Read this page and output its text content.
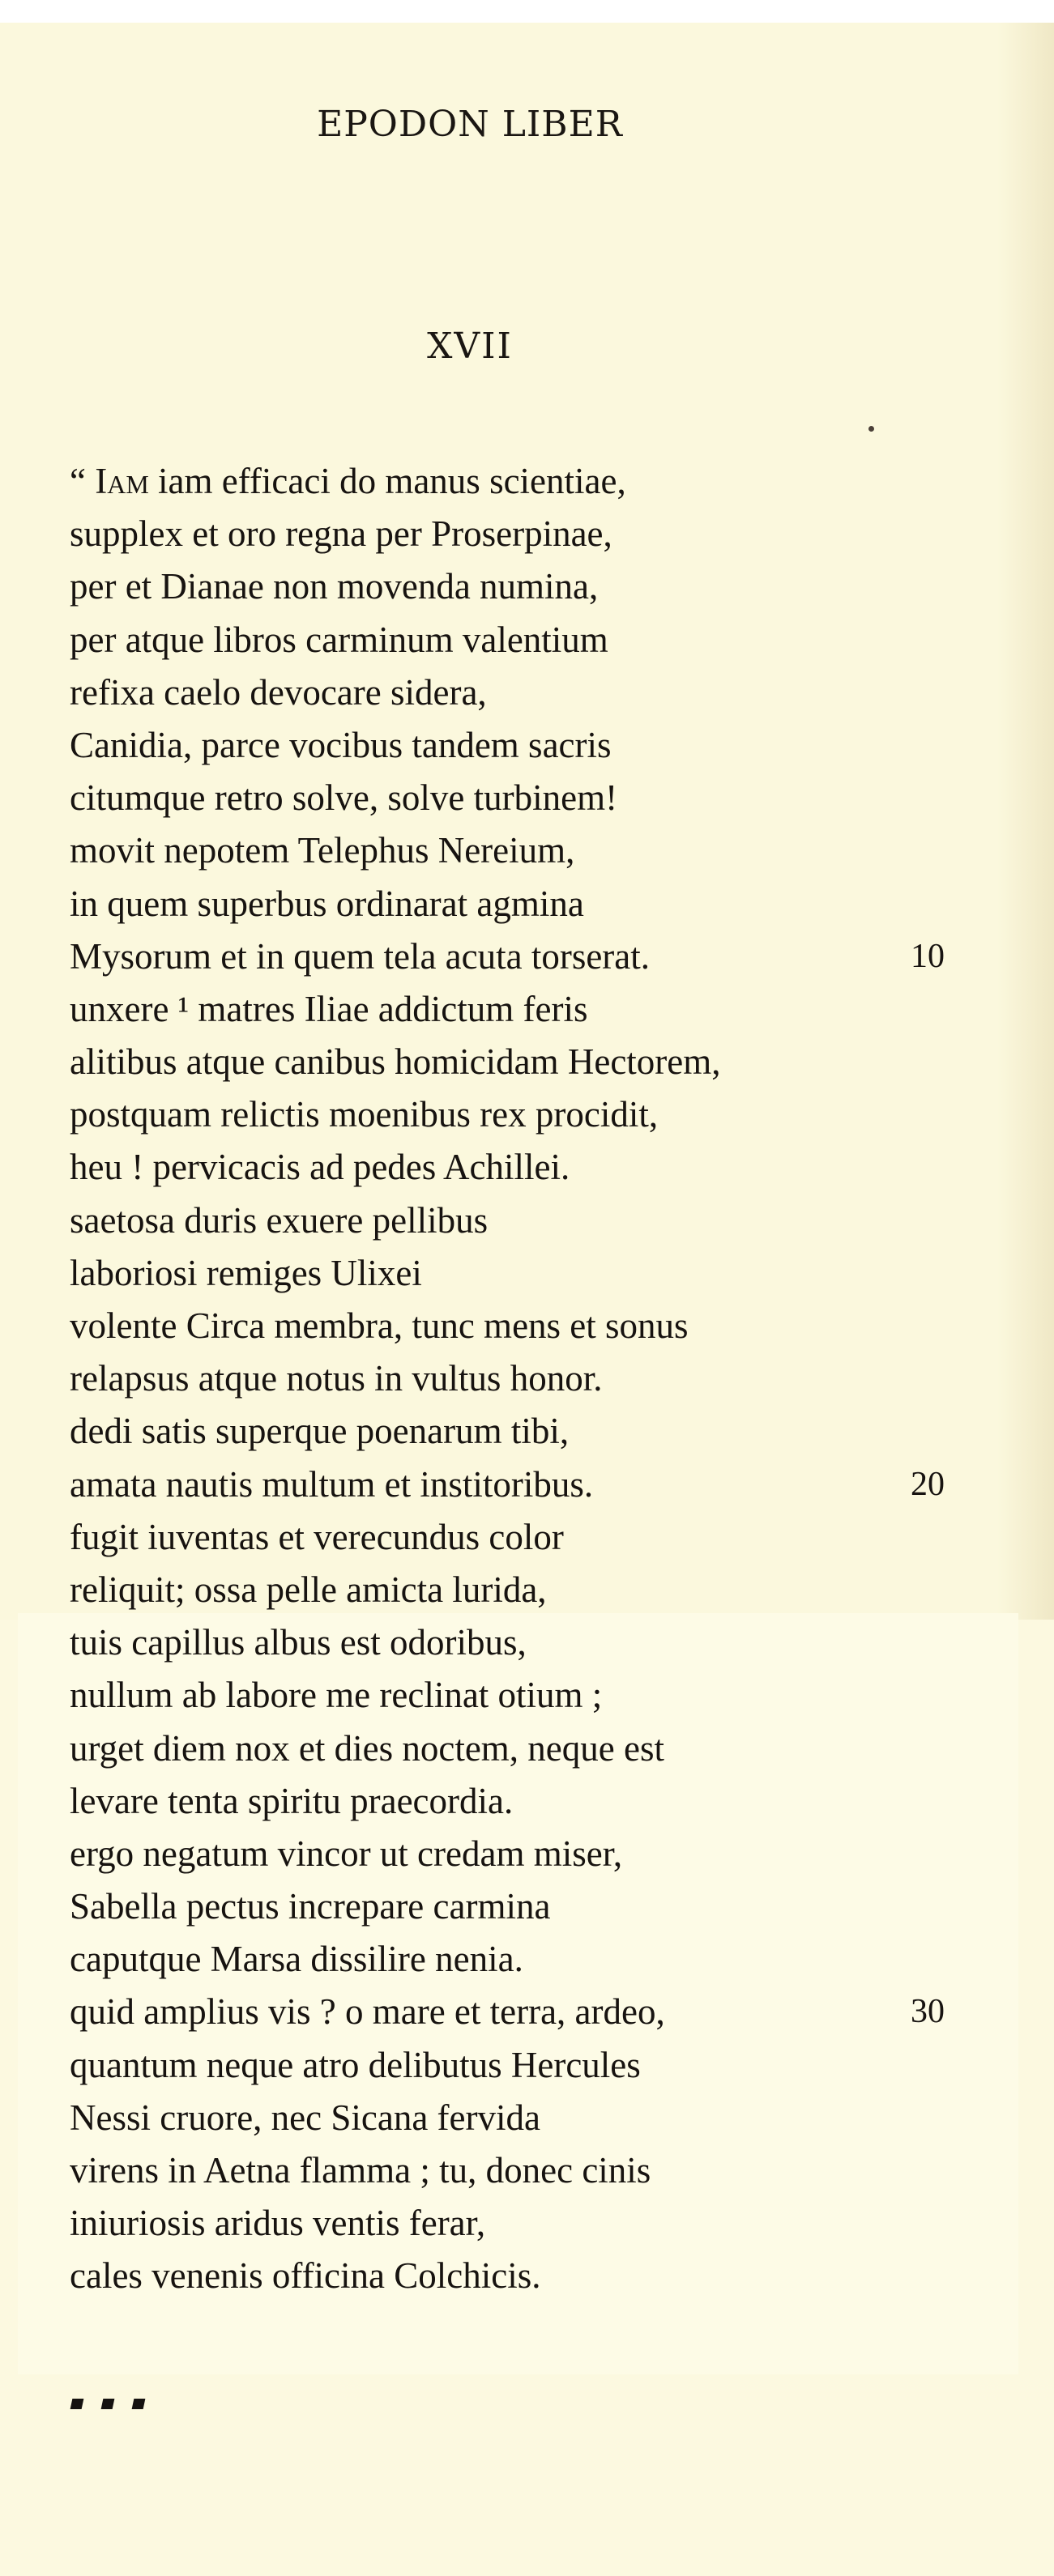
EPODON LIBER
XVII
“ Iam iam efficaci do manus scientiae,
supplex et oro regna per Proserpinae,
per et Dianae non movenda numina,
per atque libros carminum valentium
refixa caelo devocare sidera,
Canidia, parce vocibus tandem sacris
citumque retro solve, solve turbinem!
movit nepotem Telephus Nereium,
in quem superbus ordinarat agmina
Mysorum et in quem tela acuta torserat.	10
unxere ¹ matres Iliae addictum feris
alitibus atque canibus homicidam Hectorem,
postquam relictis moenibus rex procidit,
heu ! pervicacis ad pedes Achillei.
saetosa duris exuere pellibus
laboriosi remiges Ulixei
volente Circa membra, tunc mens et sonus
relapsus atque notus in vultus honor.
dedi satis superque poenarum tibi,
amata nautis multum et institoribus.	20
fugit iuventas et verecundus color
reliquit; ossa pelle amicta lurida,
tuis capillus albus est odoribus,
nullum ab labore me reclinat otium ;
urget diem nox et dies noctem, neque est
levare tenta spiritu praecordia.
ergo negatum vincor ut credam miser,
Sabella pectus increpare carmina
caputque Marsa dissilire nenia.
quid amplius vis ? o mare et terra, ardeo,	30
quantum neque atro delibutus Hercules
Nessi cruore, nec Sicana fervida
virens in Aetna flamma ; tu, donec cinis
iniuriosis aridus ventis ferar,
cales venenis officina Colchicis.
